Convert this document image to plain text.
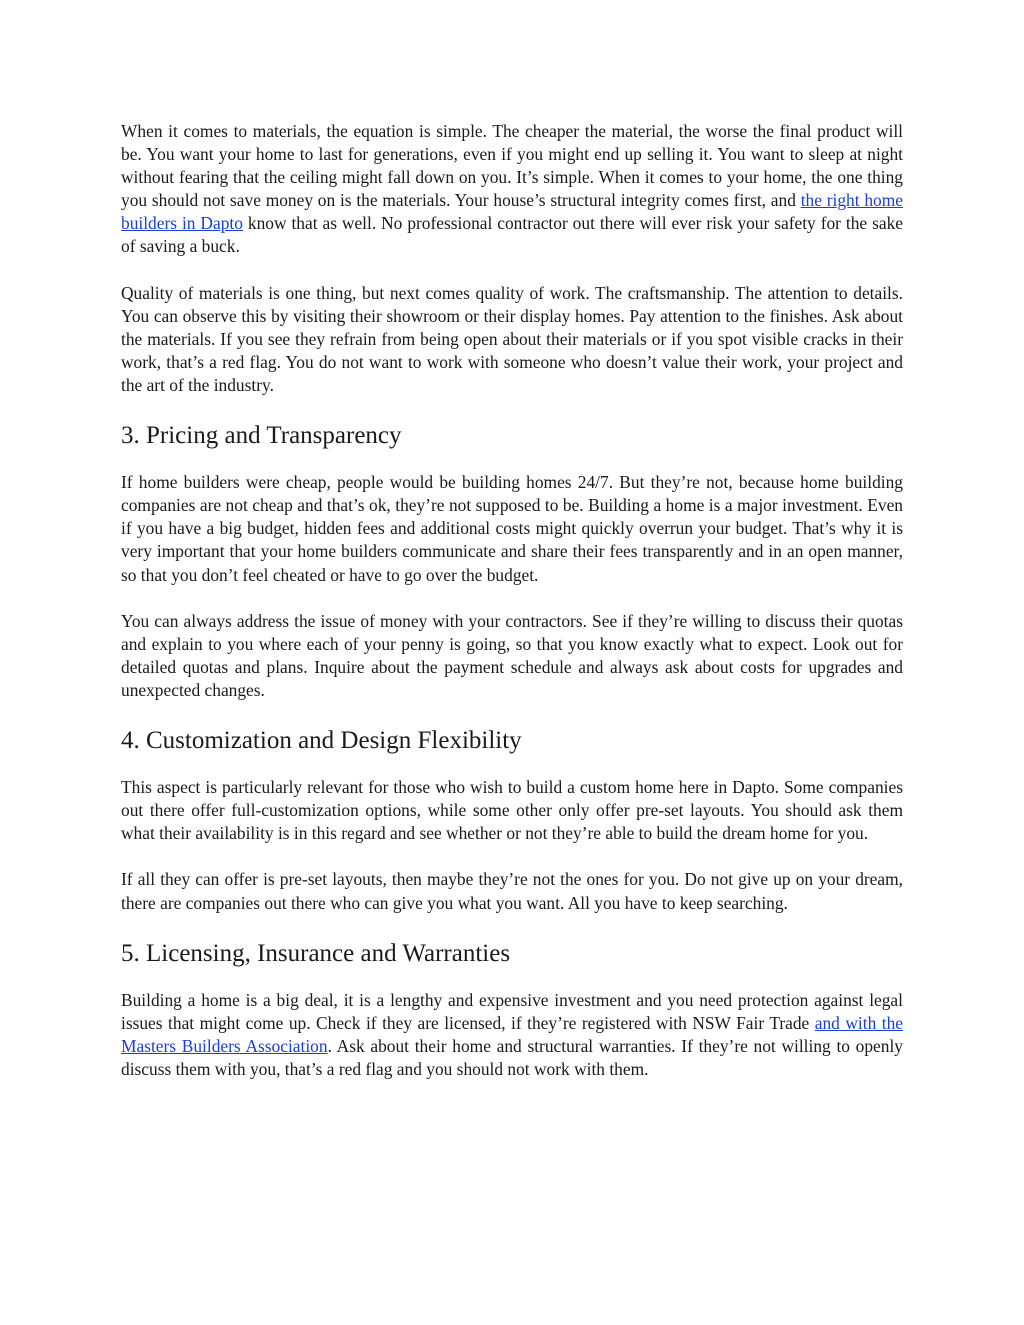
When it comes to materials, the equation is simple. The cheaper the material, the worse the final product will be. You want your home to last for generations, even if you might end up selling it. You want to sleep at night without fearing that the ceiling might fall down on you. It’s simple. When it comes to your home, the one thing you should not save money on is the materials. Your house’s structural integrity comes first, and the right home builders in Dapto know that as well. No professional contractor out there will ever risk your safety for the sake of saving a buck.

Quality of materials is one thing, but next comes quality of work. The craftsmanship. The attention to details. You can observe this by visiting their showroom or their display homes. Pay attention to the finishes. Ask about the materials. If you see they refrain from being open about their materials or if you spot visible cracks in their work, that’s a red flag. You do not want to work with someone who doesn’t value their work, your project and the art of the industry.

3. Pricing and Transparency

If home builders were cheap, people would be building homes 24/7. But they’re not, because home building companies are not cheap and that’s ok, they’re not supposed to be. Building a home is a major investment. Even if you have a big budget, hidden fees and additional costs might quickly overrun your budget. That’s why it is very important that your home builders communicate and share their fees transparently and in an open manner, so that you don’t feel cheated or have to go over the budget.

You can always address the issue of money with your contractors. See if they’re willing to discuss their quotas and explain to you where each of your penny is going, so that you know exactly what to expect. Look out for detailed quotas and plans. Inquire about the payment schedule and always ask about costs for upgrades and unexpected changes.

4. Customization and Design Flexibility

This aspect is particularly relevant for those who wish to build a custom home here in Dapto. Some companies out there offer full-customization options, while some other only offer pre-set layouts. You should ask them what their availability is in this regard and see whether or not they’re able to build the dream home for you.

If all they can offer is pre-set layouts, then maybe they’re not the ones for you. Do not give up on your dream, there are companies out there who can give you what you want. All you have to keep searching.

5. Licensing, Insurance and Warranties

Building a home is a big deal, it is a lengthy and expensive investment and you need protection against legal issues that might come up. Check if they are licensed, if they’re registered with NSW Fair Trade and with the Masters Builders Association. Ask about their home and structural warranties. If they’re not willing to openly discuss them with you, that’s a red flag and you should not work with them.
